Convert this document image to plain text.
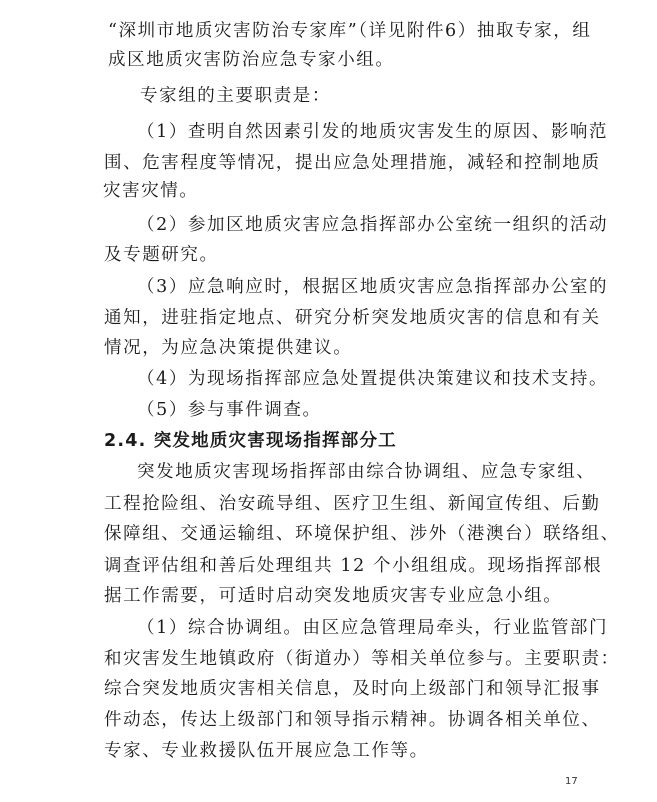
“深圳市地质灾害防治专家库”（详见附件6）抽取专家，组
成区地质灾害防治应急专家小组。
专家组的主要职责是：
（1）查明自然因素引发的地质灾害发生的原因、影响范
围、危害程度等情况，提出应急处理措施，减轻和控制地质
灾害灾情。
（2）参加区地质灾害应急指挥部办公室统一组织的活动
及专题研究。
（3）应急响应时，根据区地质灾害应急指挥部办公室的
通知，进驻指定地点、研究分析突发地质灾害的信息和有关
情况，为应急决策提供建议。
（4）为现场指挥部应急处置提供决策建议和技术支持。
（5）参与事件调查。
2.4. 突发地质灾害现场指挥部分工
突发地质灾害现场指挥部由综合协调组、应急专家组、
工程抢险组、治安疏导组、医疗卫生组、新闻宣传组、后勤
保障组、交通运输组、环境保护组、涉外（港澳台）联络组、
调查评估组和善后处理组共 12 个小组组成。现场指挥部根
据工作需要，可适时启动突发地质灾害专业应急小组。
（1）综合协调组。由区应急管理局牵头，行业监管部门
和灾害发生地镇政府（街道办）等相关单位参与。主要职责：
综合突发地质灾害相关信息，及时向上级部门和领导汇报事
件动态，传达上级部门和领导指示精神。协调各相关单位、
专家、专业救援队伍开展应急工作等。
17
